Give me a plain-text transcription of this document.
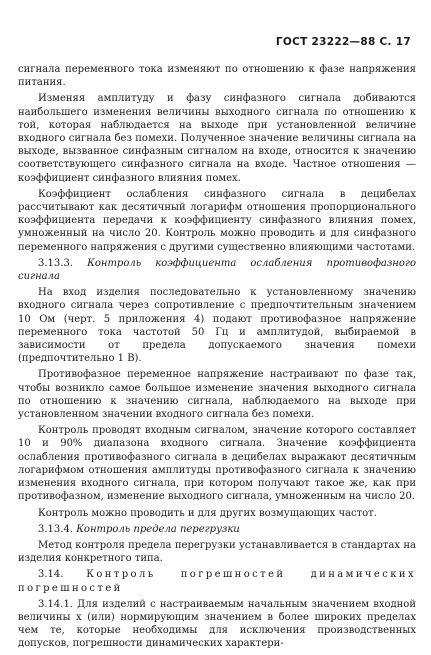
ГОСТ 23222—88 С. 17

сигнала переменного тока изменяют по отношению к фазе напряжения питания.

Изменяя амплитуду и фазу синфазного сигнала добиваются наибольшего изменения величины выходного сигнала по отношению к той, которая наблюдается на выходе при установленной величине входного сигнала без помехи. Полученное значение величины сигнала на выходе, вызванное синфазным сигналом на входе, относится к значению соответствующего синфазного сигнала на входе. Частное отношения — коэффициент синфазного влияния помех.

Коэффициент ослабления синфазного сигнала в децибелах рассчитывают как десятичный логарифм отношения пропорционального коэффициента передачи к коэффициенту синфазного влияния помех, умноженный на число 20. Контроль можно проводить и для синфазного переменного напряжения с другими существенно влияющими частотами.

3.13.3. Контроль коэффициента ослабления противофазного сигнала

На вход изделия последовательно к установленному значению входного сигнала через сопротивление с предпочтительным значением 10 Ом (черт. 5 приложения 4) подают противофазное напряжение переменного тока частотой 50 Гц и амплитудой, выбираемой в зависимости от предела допускаемого значения помехи (предпочтительно 1 В).

Противофазное переменное напряжение настраивают по фазе так, чтобы возникло самое большое изменение значения выходного сигнала по отношению к значению сигнала, наблюдаемого на выходе при установленном значении входного сигнала без помехи.

Контроль проводят входным сигналом, значение которого составляет 10 и 90% диапазона входного сигнала. Значение коэффициента ослабления противофазного сигнала в децибелах выражают десятичным логарифмом отношения амплитуды противофазного сигнала к значению изменения входного сигнала, при котором получают такое же, как при противофазном, изменение выходного сигнала, умноженным на число 20.

Контроль можно проводить и для других возмущающих частот.

3.13.4. Контроль предела перегрузки

Метод контроля предела перегрузки устанавливается в стандартах на изделия конкретного типа.

3.14. Контроль погрешностей динамических погрешностей

3.14.1. Для изделий с настраиваемым начальным значением входной величины х (или) нормирующим значением в более широких пределах чем те, которые необходимы для исключения производственных допусков, погрешности динамических характери-
